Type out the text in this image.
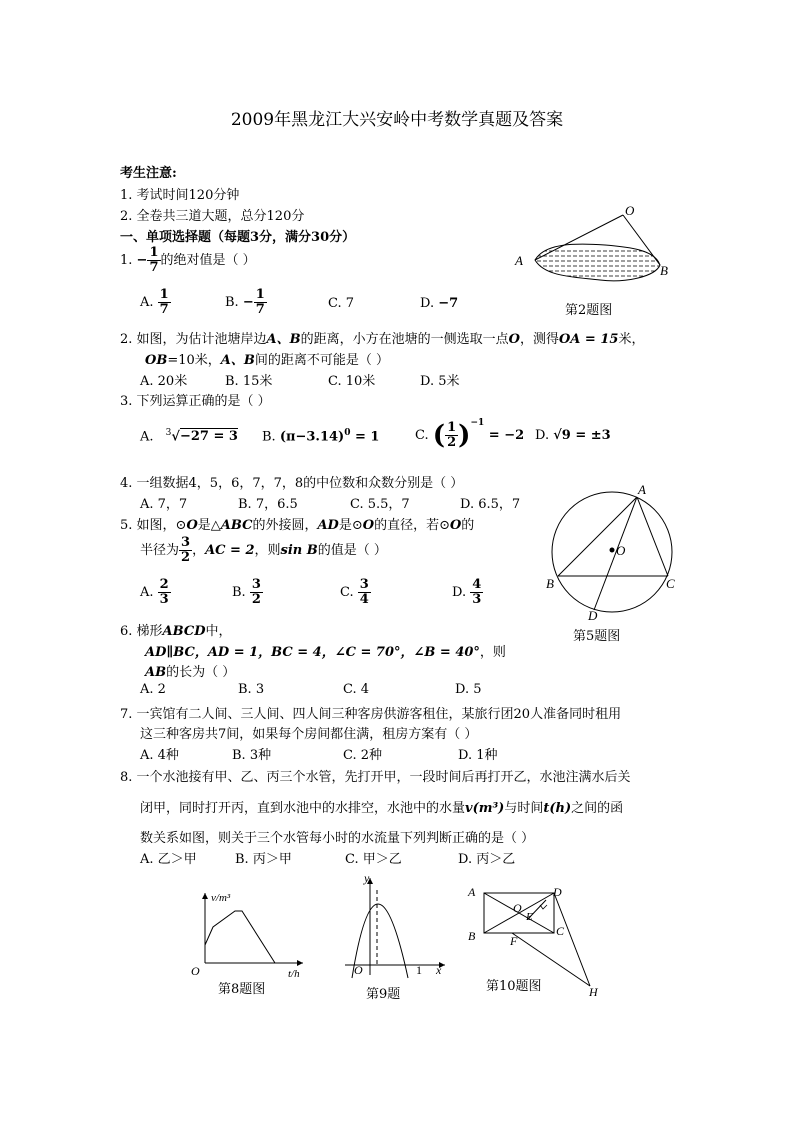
2009年黑龙江大兴安岭中考数学真题及答案
考生注意:
1. 考试时间120分钟
2. 全卷共三道大题，总分120分
一、单项选择题（每题3分，满分30分）
1. − $\frac{1}{7}$ 的绝对值是（ ）
A. $\frac{1}{7}$	B. − $\frac{1}{7}$	C. 7	D. −7
2. 如图，为估计池塘岸边A、B的距离，小方在池塘的一侧选取一点O，测得OA = 15米，
OB=10米，A、B间的距离不可能是（ ）
A. 20米	B. 15米	C. 10米	D. 5米
3. 下列运算正确的是（ ）
A. $^3$√−27 = 3 B. $(\pi-3.14)^0 = 1$	C. ( $\frac{1}{2} )^{-1} = -2$ D. √9 = ±3
4. 一组数据4，5，6，7，7，8的中位数和众数分别是（ ）
A. 7，7	B. 7，6.5	C. 5.5，7	D. 6.5，7
5. 如图，⊙O是△ABC的外接圆，AD是⊙O的直径，若⊙O的
半径为 $\frac{3}{2}$ ，AC = 2，则sin B的值是（ ）
A. $\frac{2}{3}$	B. $\frac{3}{2}$	C. $\frac{3}{4}$	D. $\frac{4}{3}$
6. 梯形ABCD中，
AD∥BC，AD = 1，BC = 4，∠C = 70°，∠B = 40°，则
AB的长为（ ）
A. 2	B. 3	C. 4	D. 5
7. 一宾馆有二人间、三人间、四人间三种客房供游客租住，某旅行团20人准备同时租用
这三种客房共7间，如果每个房间都住满，租房方案有（ ）
A. 4种	B. 3种	C. 2种	D. 1种
8. 一个水池接有甲、乙、丙三个水管，先打开甲，一段时间后再打开乙，水池注满水后关
闭甲，同时打开丙，直到水池中的水排空，水池中的水量v(m³)与时间t(h)之间的函
数关系如图，则关于三个水管每小时的水流量下列判断正确的是（ ）
A. 乙＞甲	B. 丙＞甲	C. 甲＞乙	D. 丙＞乙
O
A
B
第2题图
A
B	C
D
O
第5题图
v/m³
t/h
O
第8题图
y
x
O	1
第9题
A
B	C
D
O
E
F
H
第10题图
